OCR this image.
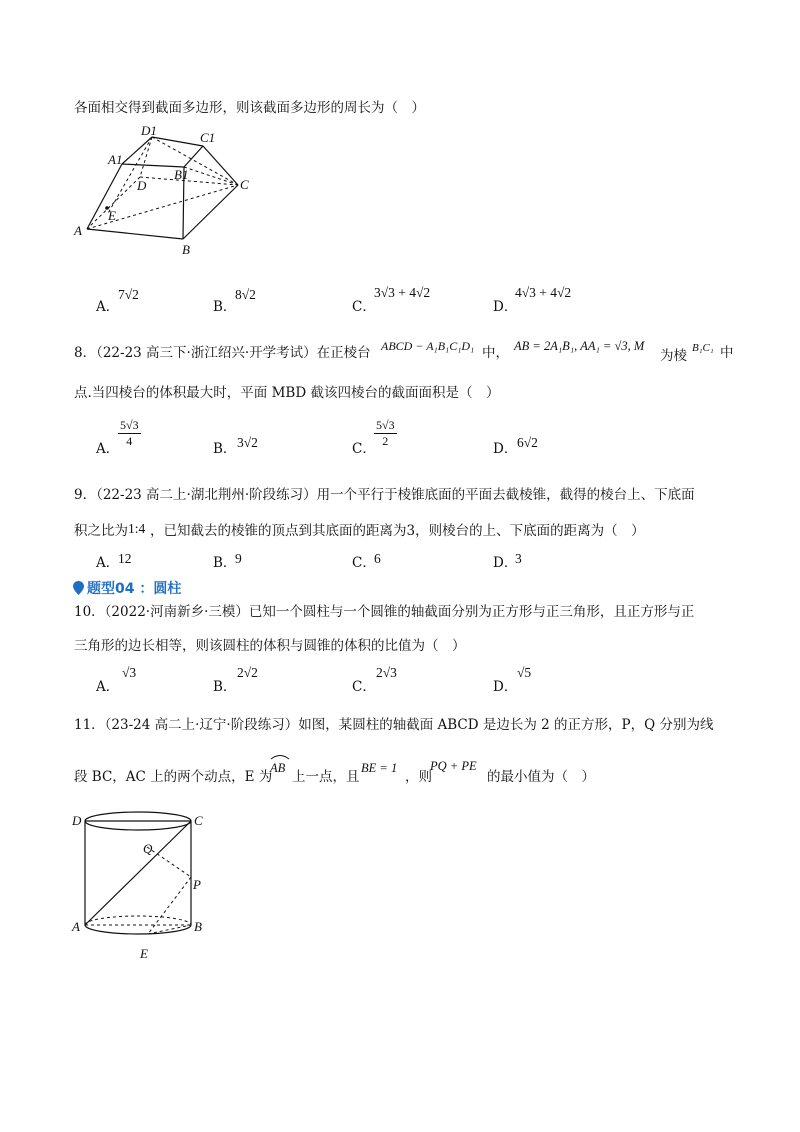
各面相交得到截面多边形，则该截面多边形的周长为（　）
D1	C1
A1
B1
D	C
E
A
B
A．
7√2
B．
8√2
C．
3√3 + 4√2
D．
4√3 + 4√2
8．（22-23 高三下·浙江绍兴·开学考试）在正棱台 ABCD − A₁B₁C₁D₁ 中， AB = 2A₁B₁, AA₁ = √3, M
为棱 B₁C₁ 中
点.当四棱台的体积最大时，平面 MBD 截该四棱台的截面面积是（　）
A．
$\frac{5√3}{4}$	B． 3√2	C．
$\frac{5√3}{2}$	D． 6√2
9．（22-23 高二上·湖北荆州·阶段练习）用一个平行于棱锥底面的平面去截棱锥，截得的棱台上、下底面
积之比为 1:4 ，已知截去的棱锥的顶点到其底面的距离为3，则棱台的上、下底面的距离为（　）
A．
12	B．
9	C．
6	D．
3
题型04 ：圆柱
10．（2022·河南新乡·三模）已知一个圆柱与一个圆锥的轴截面分别为正方形与正三角形，且正方形与正
三角形的边长相等，则该圆柱的体积与圆锥的体积的比值为（　）
A．
√3
B．
2√2
C．
2√3
D．
√5
11．（23-24 高二上·辽宁·阶段练习）如图，某圆柱的轴截面 ABCD 是边长为 2 的正方形，P，Q 分别为线
段 BC，AC 上的两个动点，E 为
AB
上一点，且
BE = 1
，则
PQ + PE
的最小值为（　）
D	C
Q
P
A	B
E
